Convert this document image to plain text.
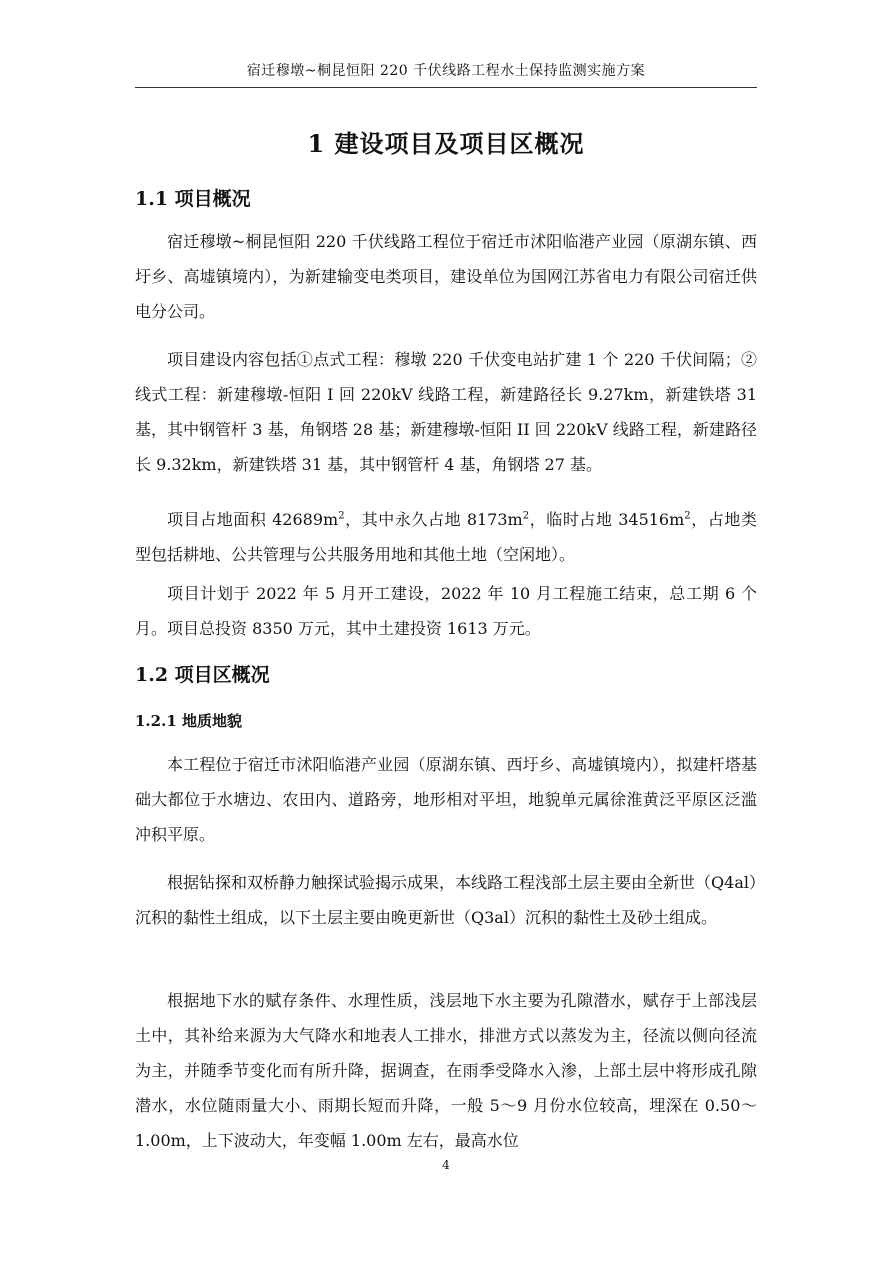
宿迁穆墩~桐昆恒阳 220 千伏线路工程水土保持监测实施方案
1 建设项目及项目区概况
1.1 项目概况

宿迁穆墩~桐昆恒阳 220 千伏线路工程位于宿迁市沭阳临港产业园（原湖东镇、西圩乡、高墟镇境内），为新建输变电类项目，建设单位为国网江苏省电力有限公司宿迁供电分公司。

项目建设内容包括①点式工程：穆墩 220 千伏变电站扩建 1 个 220 千伏间隔；②线式工程：新建穆墩-恒阳 I 回 220kV 线路工程，新建路径长 9.27km，新建铁塔 31 基，其中钢管杆 3 基，角钢塔 28 基；新建穆墩-恒阳 II 回 220kV 线路工程，新建路径长 9.32km，新建铁塔 31 基，其中钢管杆 4 基，角钢塔 27 基。

项目占地面积 $42689m^2$，其中永久占地 $8173m^2$，临时占地 $34516m^2$，占地类型包括耕地、公共管理与公共服务用地和其他土地（空闲地）。

项目计划于 2022 年 5 月开工建设，2022 年 10 月工程施工结束，总工期 6 个月。项目总投资 8350 万元，其中土建投资 1613 万元。

1.2 项目区概况
1.2.1 地质地貌

本工程位于宿迁市沭阳临港产业园（原湖东镇、西圩乡、高墟镇境内），拟建杆塔基础大都位于水塘边、农田内、道路旁，地形相对平坦，地貌单元属徐淮黄泛平原区泛滥冲积平原。

根据钻探和双桥静力触探试验揭示成果，本线路工程浅部土层主要由全新世（Q4al）沉积的黏性土组成，以下土层主要由晚更新世（Q3al）沉积的黏性土及砂土组成。

根据地下水的赋存条件、水理性质，浅层地下水主要为孔隙潜水，赋存于上部浅层土中，其补给来源为大气降水和地表人工排水，排泄方式以蒸发为主，径流以侧向径流为主，并随季节变化而有所升降，据调查，在雨季受降水入渗，上部土层中将形成孔隙潜水，水位随雨量大小、雨期长短而升降，一般 5～9 月份水位较高，埋深在 0.50～1.00m，上下波动大，年变幅 1.00m 左右，最高水位

4
